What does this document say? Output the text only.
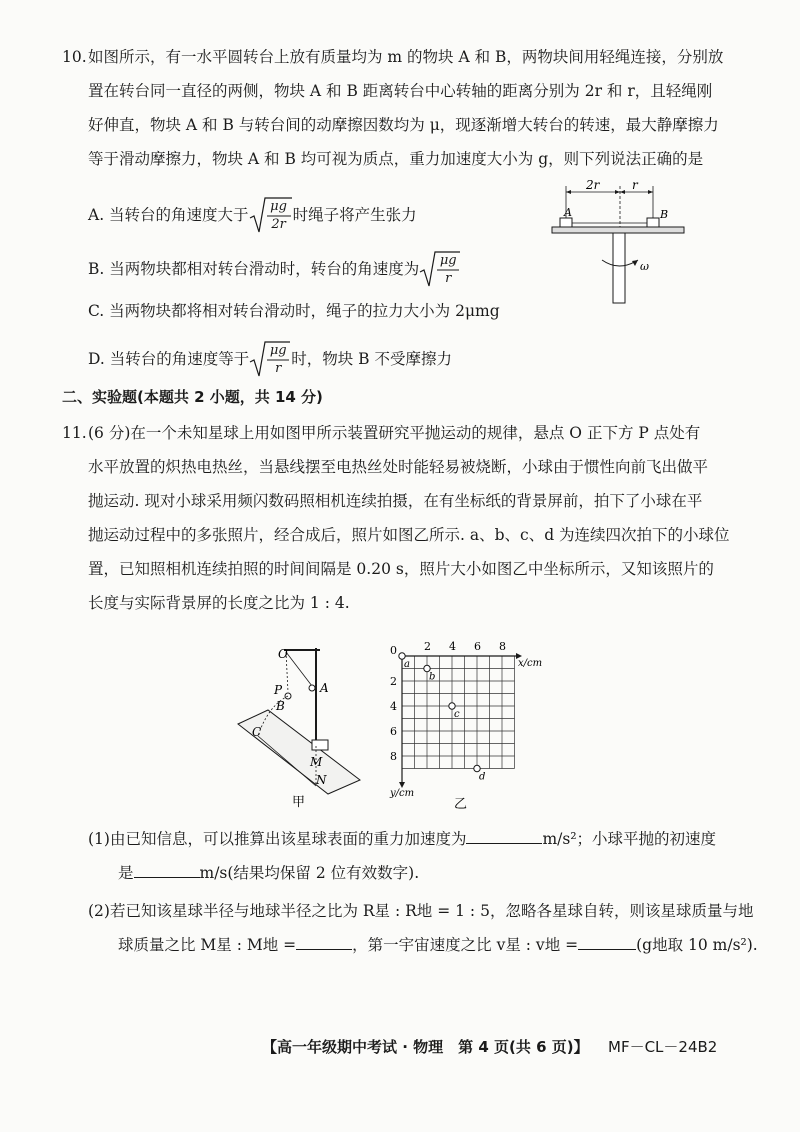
10. 如图所示，有一水平圆转台上放有质量均为 m 的物块 A 和 B，两物块间用轻绳连接，分别放
置在转台同一直径的两侧，物块 A 和 B 距离转台中心转轴的距离分别为 2r 和 r，且轻绳刚
好伸直，物块 A 和 B 与转台间的动摩擦因数均为 μ，现逐渐增大转台的转速，最大静摩擦力
等于滑动摩擦力，物块 A 和 B 均可视为质点，重力加速度大小为 g，则下列说法正确的是
A. 当转台的角速度大于 μg
2r
时绳子将产生张力
B. 当两物块都相对转台滑动时，转台的角速度为 μg
r
C. 当两物块都将相对转台滑动时，绳子的拉力大小为 2μmg
D. 当转台的角速度等于 μg
r
时，物块 B 不受摩擦力
2r	r
A	B
ω
二、实验题(本题共 2 小题，共 14 分)
11. (6 分)在一个未知星球上用如图甲所示装置研究平抛运动的规律，悬点 O 正下方 P 点处有
水平放置的炽热电热丝，当悬线摆至电热丝处时能轻易被烧断，小球由于惯性向前飞出做平
抛运动. 现对小球采用频闪数码照相机连续拍摄，在有坐标纸的背景屏前，拍下了小球在平
抛运动过程中的多张照片，经合成后，照片如图乙所示. a、b、c、d 为连续四次拍下的小球位
置，已知照相机连续拍照的时间间隔是 0.20 s，照片大小如图乙中坐标所示，又知该照片的
长度与实际背景屏的长度之比为 1 : 4.
O
P	A
B
C
M
N
甲
0 2 4 6 8
2
4
6
8
x/cm
y/cm
a
b
c
d
乙
(1)由已知信息，可以推算出该星球表面的重力加速度为	m/s²；小球平抛的初速度
是	m/s(结果均保留 2 位有效数字).
(2)若已知该星球半径与地球半径之比为 R星 : R地 = 1 : 5，忽略各星球自转，则该星球质量与地
球质量之比 M星 : M地 =	，第一宇宙速度之比 v星 : v地 =	(g地取 10 m/s²).
【高一年级期中考试 · 物理　第 4 页(共 6 页)】 MF－CL－24B2
